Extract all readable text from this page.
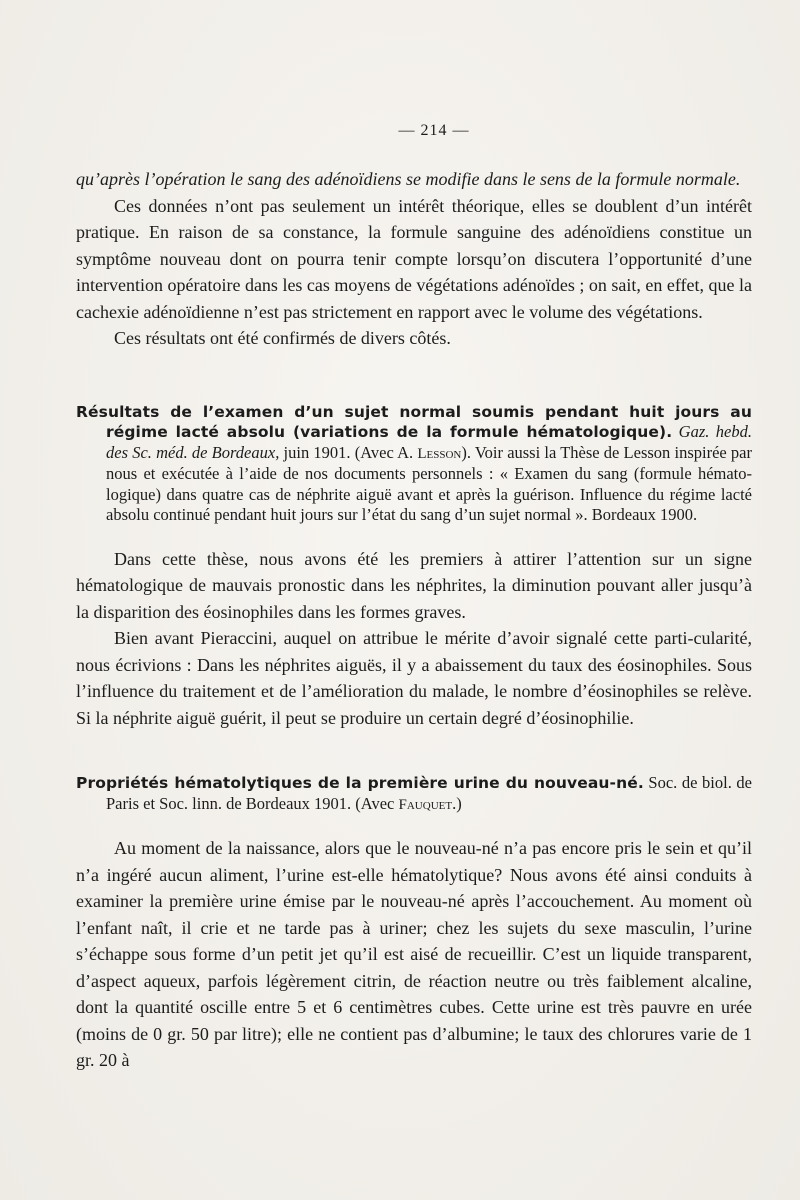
— 214 —

qu’après l’opération le sang des adénoïdiens se modifie dans le sens de la formule normale.

Ces données n’ont pas seulement un intérêt théorique, elles se doublent d’un intérêt pratique. En raison de sa constance, la formule sanguine des adénoïdiens constitue un symptôme nouveau dont on pourra tenir compte lorsqu’on discutera l’opportunité d’une intervention opératoire dans les cas moyens de végétations adénoïdes ; on sait, en effet, que la cachexie adénoïdienne n’est pas strictement en rapport avec le volume des végétations.

Ces résultats ont été confirmés de divers côtés.

Résultats de l’examen d’un sujet normal soumis pendant huit jours au régime lacté absolu (variations de la formule hématologique). Gaz. hebd. des Sc. méd. de Bordeaux, juin 1901. (Avec A. Lesson). Voir aussi la Thèse de Lesson inspirée par nous et exécutée à l’aide de nos documents personnels : « Examen du sang (formule hémato-logique) dans quatre cas de néphrite aiguë avant et après la guérison. Influence du régime lacté absolu continué pendant huit jours sur l’état du sang d’un sujet normal ». Bordeaux 1900.

Dans cette thèse, nous avons été les premiers à attirer l’attention sur un signe hématologique de mauvais pronostic dans les néphrites, la diminution pouvant aller jusqu’à la disparition des éosinophiles dans les formes graves.

Bien avant Pieraccini, auquel on attribue le mérite d’avoir signalé cette parti-cularité, nous écrivions : Dans les néphrites aiguës, il y a abaissement du taux des éosinophiles. Sous l’influence du traitement et de l’amélioration du malade, le nombre d’éosinophiles se relève. Si la néphrite aiguë guérit, il peut se produire un certain degré d’éosinophilie.

Propriétés hématolytiques de la première urine du nouveau-né. Soc. de biol. de Paris et Soc. linn. de Bordeaux 1901. (Avec Fauquet.)

Au moment de la naissance, alors que le nouveau-né n’a pas encore pris le sein et qu’il n’a ingéré aucun aliment, l’urine est-elle hématolytique? Nous avons été ainsi conduits à examiner la première urine émise par le nouveau-né après l’accouchement. Au moment où l’enfant naît, il crie et ne tarde pas à uriner; chez les sujets du sexe masculin, l’urine s’échappe sous forme d’un petit jet qu’il est aisé de recueillir. C’est un liquide transparent, d’aspect aqueux, parfois légèrement citrin, de réaction neutre ou très faiblement alcaline, dont la quantité oscille entre 5 et 6 centimètres cubes. Cette urine est très pauvre en urée (moins de 0 gr. 50 par litre); elle ne contient pas d’albumine; le taux des chlorures varie de 1 gr. 20 à
